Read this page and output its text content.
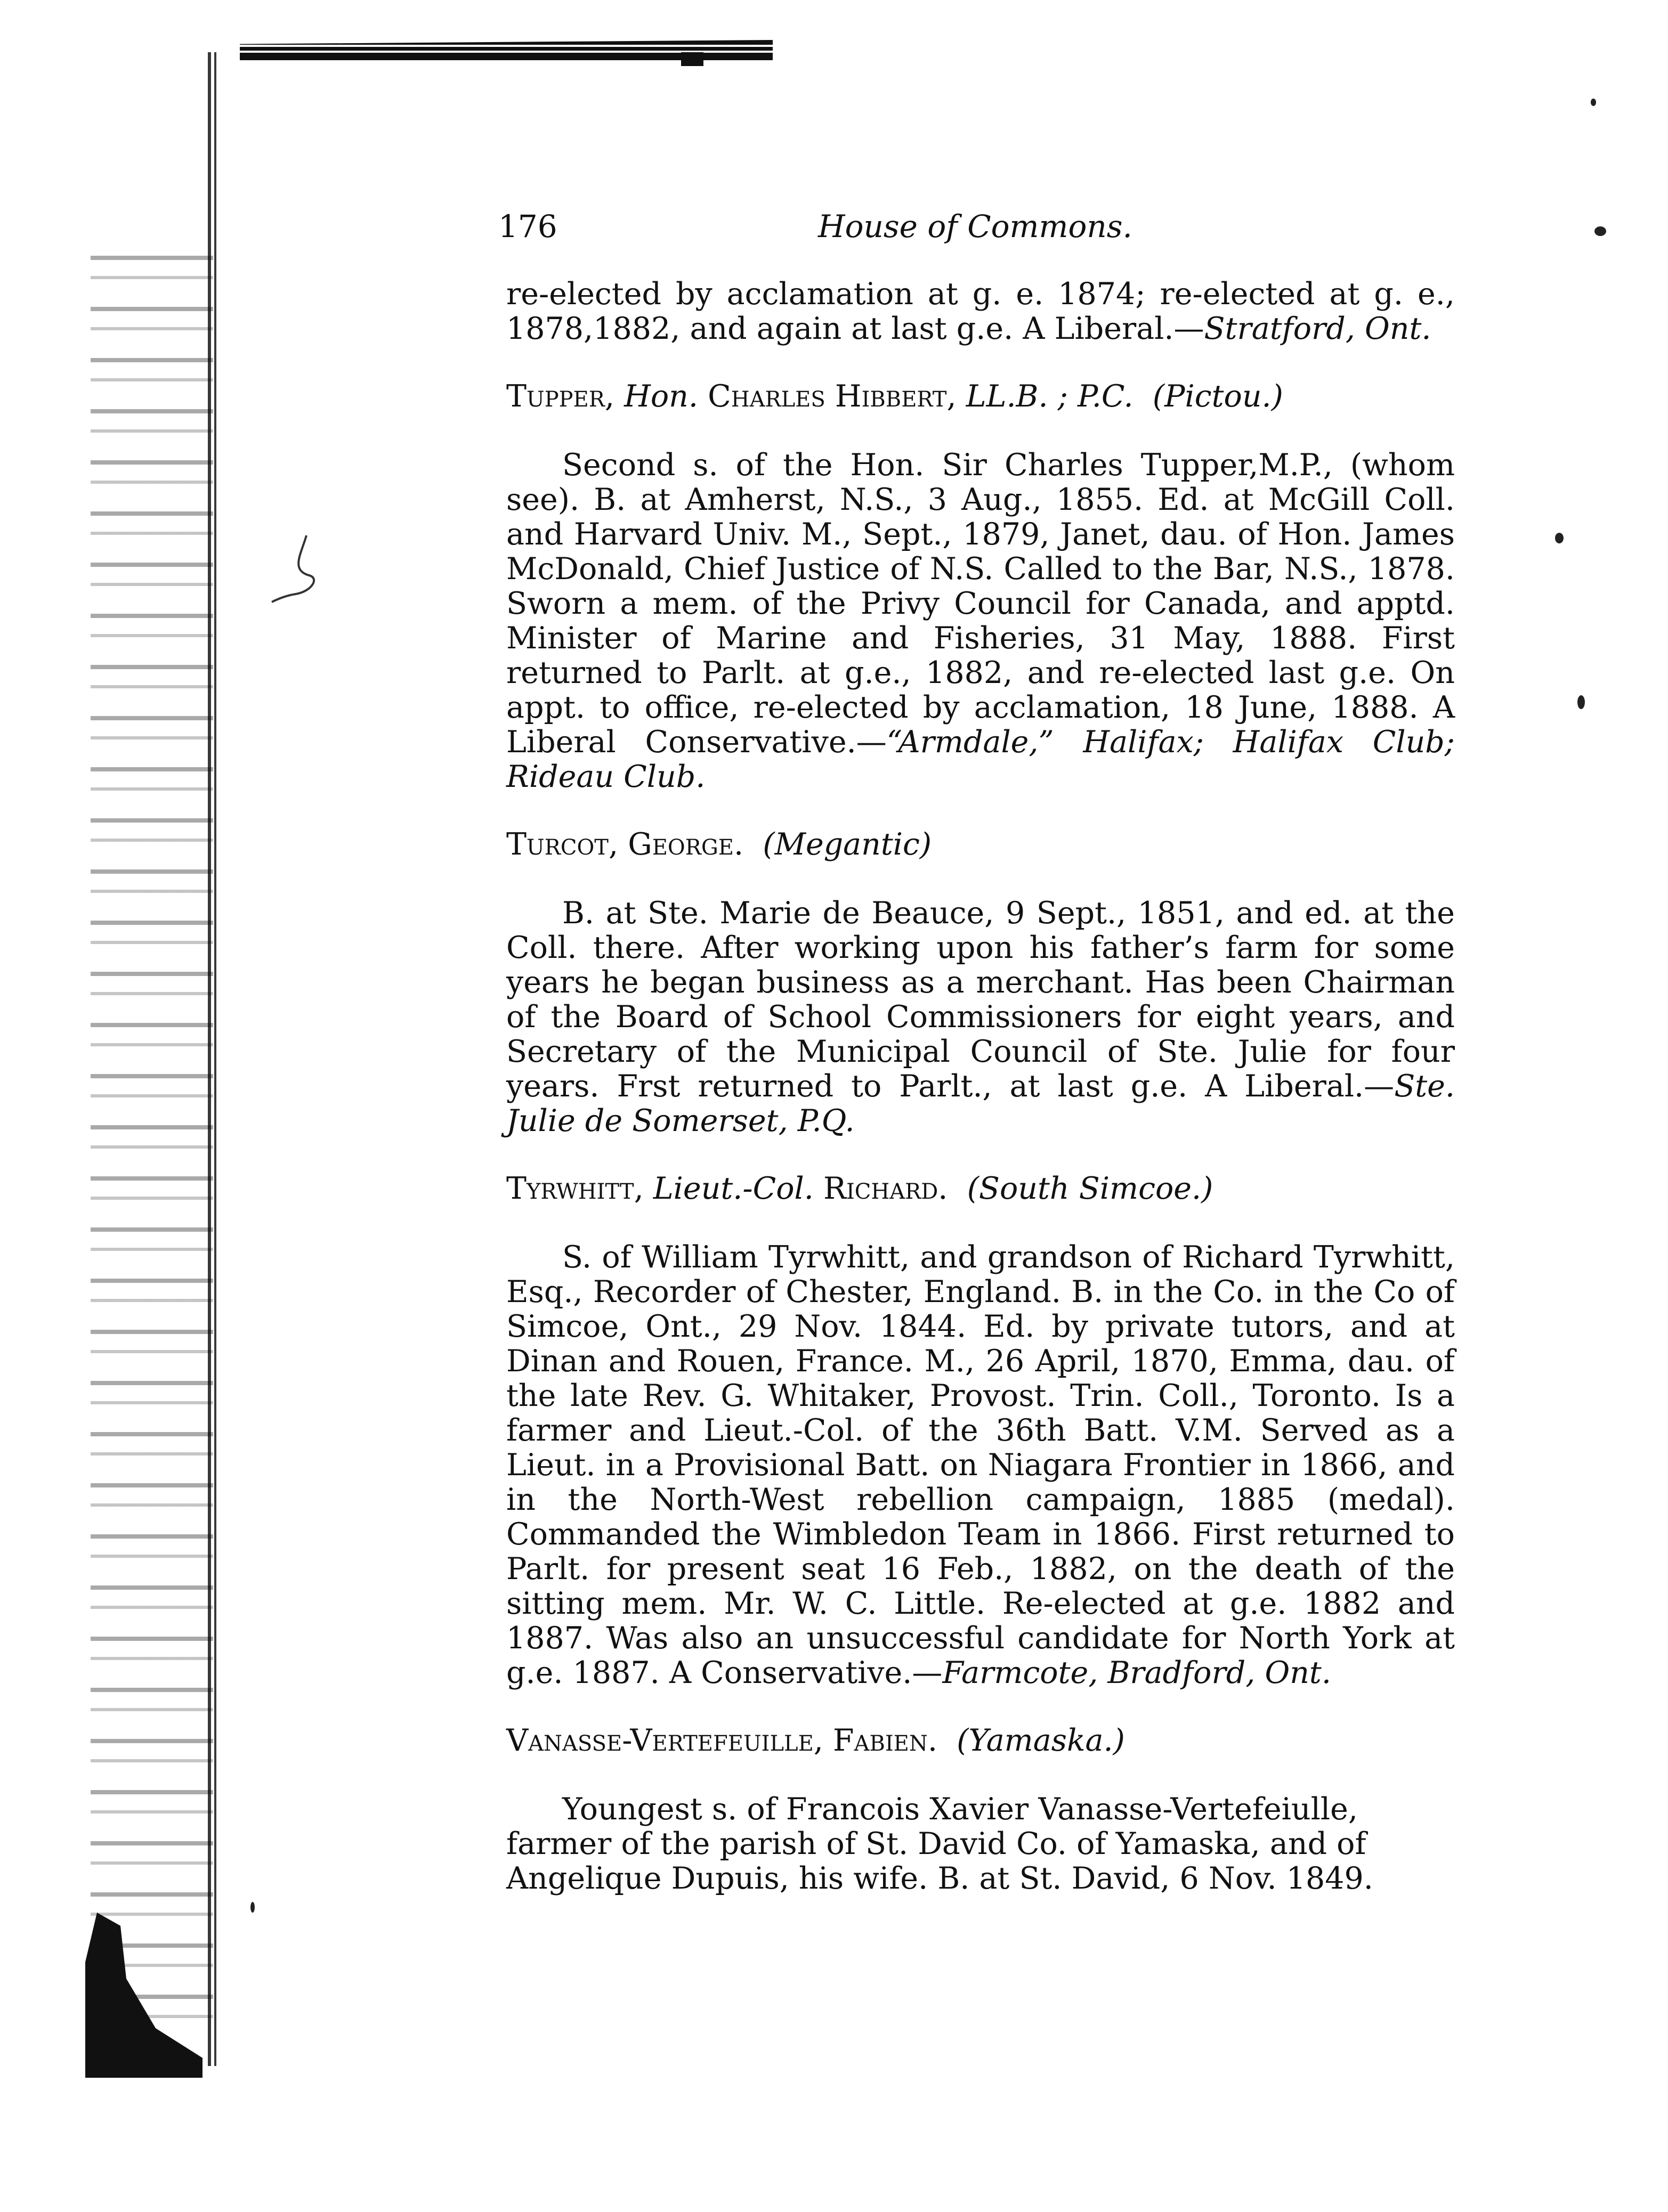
176	House of Commons.

re-elected by acclamation at g. e. 1874; re-elected at g. e., 1878,1882, and again at last g.e. A Liberal.—Stratford, Ont.

Tupper, Hon. Charles Hibbert, LL.B. ; P.C. (Pictou.)

Second s. of the Hon. Sir Charles Tupper,M.P., (whom see). B. at Amherst, N.S., 3 Aug., 1855. Ed. at McGill Coll. and Harvard Univ. M., Sept., 1879, Janet, dau. of Hon. James McDonald, Chief Justice of N.S. Called to the Bar, N.S., 1878. Sworn a mem. of the Privy Council for Canada, and apptd. Minister of Marine and Fisheries, 31 May, 1888. First returned to Parlt. at g.e., 1882, and re-elected last g.e. On appt. to office, re-elected by acclamation, 18 June, 1888. A Liberal Conservative.—“Armdale,” Halifax; Halifax Club; Rideau Club.

Turcot, George. (Megantic)

B. at Ste. Marie de Beauce, 9 Sept., 1851, and ed. at the Coll. there. After working upon his father’s farm for some years he began business as a merchant. Has been Chairman of the Board of School Commissioners for eight years, and Secretary of the Municipal Council of Ste. Julie for four years. Frst returned to Parlt., at last g.e. A Liberal.—Ste. Julie de Somerset, P.Q.

Tyrwhitt, Lieut.-Col. Richard. (South Simcoe.)

S. of William Tyrwhitt, and grandson of Richard Tyrwhitt, Esq., Recorder of Chester, England. B. in the Co. in the Co of Simcoe, Ont., 29 Nov. 1844. Ed. by private tutors, and at Dinan and Rouen, France. M., 26 April, 1870, Emma, dau. of the late Rev. G. Whitaker, Provost. Trin. Coll., Toronto. Is a farmer and Lieut.-Col. of the 36th Batt. V.M. Served as a Lieut. in a Provisional Batt. on Niagara Frontier in 1866, and in the North-West rebellion campaign, 1885 (medal). Commanded the Wimbledon Team in 1866. First returned to Parlt. for present seat 16 Feb., 1882, on the death of the sitting mem. Mr. W. C. Little. Re-elected at g.e. 1882 and 1887. Was also an unsuccessful candidate for North York at g.e. 1887. A Conservative.—Farmcote, Bradford, Ont.

Vanasse-Vertefeuille, Fabien. (Yamaska.)

Youngest s. of Francois Xavier Vanasse-Vertefeiulle, farmer of the parish of St. David Co. of Yamaska, and of Angelique Dupuis, his wife. B. at St. David, 6 Nov. 1849.
